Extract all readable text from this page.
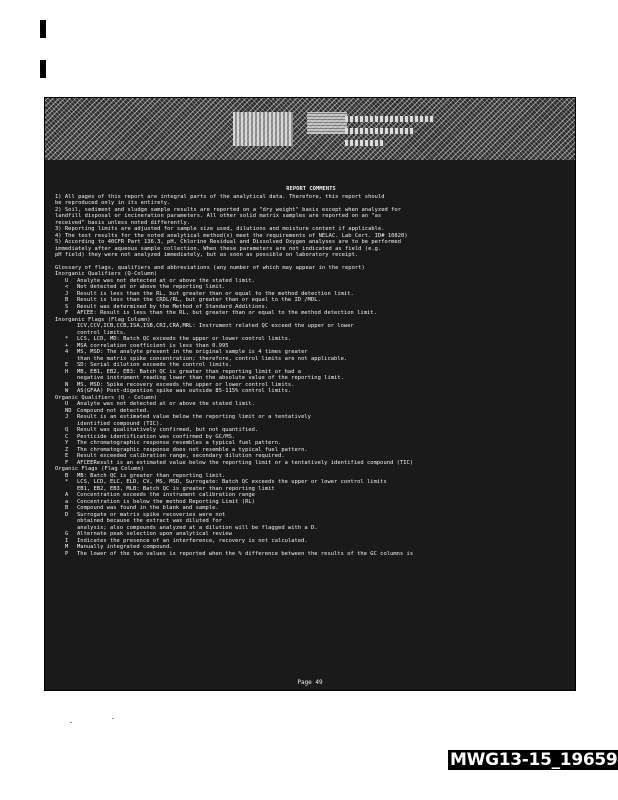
REPORT COMMENTS
1) All pages of this report are integral parts of the analytical data. Therefore, this report should
be reproduced only in its entirety.
2) Soil, sediment and sludge sample results are reported on a "dry weight" basis except when analyzed for
landfill disposal or incineration parameters. All other solid matrix samples are reported on an "as
received" basis unless noted differently.
3) Reporting limits are adjusted for sample size used, dilutions and moisture content if applicable.
4) The test results for the noted analytical method(s) meet the requirements of NELAC. Lab Cert. ID# 10820)
5) According to 40CFR Part 136.3, pH, Chlorine Residual and Dissolved Oxygen analyses are to be performed
immediately after aqueous sample collection. When these parameters are not indicated as field (e.g.
pH field) they were not analyzed immediately, but as soon as possible on laboratory receipt.
Glossary of flags, qualifiers and abbreviations (any number of which may appear in the report)
Inorganic Qualifiers (Q-Column)
U Analyte was not detected at or above the stated limit.
< Not detected at or above the reporting limit.
J Result is less than the RL, but greater than or equal to the method detection limit.
B Result is less than the CRDL/RL, but greater than or equal to the ID /MDL.
S Result was determined by the Method of Standard Additions.
F AFCEE: Result is less than the RL, but greater than or equal to the method detection limit.
Inorganic Flags (Flag Column)
ICV,CCV,ICB,CCB,ISA,ISB,CRI,CRA,MRL: Instrument related QC exceed the upper or lower
control limits.
* LCS, LCD, MD: Batch QC exceeds the upper or lower control limits.
+ MSA correlation coefficient is less than 0.995
4 MS, MSD: The analyte present in the original sample is 4 times greater
than the matrix spike concentration; therefore, control limits are not applicable.
E SD: Serial dilution exceeds the control limits.
H MB, EB1, EB2, EB3: Batch QC is greater than reporting limit or had a
negative instrument reading lower than the absolute value of the reporting limit.
N MS, MSD: Spike recovery exceeds the upper or lower control limits.
W AS(GFAA) Post-digestion spike was outside 85-115% control limits.
Organic Qualifiers (Q - Column)
U Analyte was not detected at or above the stated limit.
ND Compound not detected.
J Result is an estimated value below the reporting limit or a tentatively
identified compound (TIC).
Q Result was qualitatively confirmed, but not quantified.
C Pesticide identification was confirmed by GC/MS.
Y The chromatographic response resembles a typical fuel pattern.
Z The chromatographic response does not resemble a typical fuel pattern.
E Result exceeded calibration range, secondary dilution required.
F AFCEEResult is an estimated value below the reporting limit or a tentatively identified compound (TIC)
Organic Flags (Flag Column)
B MB: Batch QC is greater than reporting limit.
* LCS, LCD, ELC, ELD, CV, MS, MSD, Surrogate: Batch QC exceeds the upper or lower control limits
EB1, EB2, EB3, MLB: Batch QC is greater than reporting limit
A Concentration exceeds the instrument calibration range
a Concentration is below the method Reporting Limit (RL)
B Compound was found in the blank and sample.
D Surrogate or matrix spike recoveries were not
obtained because the extract was diluted for
analysis; also compounds analyzed at a dilution will be flagged with a D.
G Alternate peak selection upon analytical review
I Indicates the presence of an interference, recovery is not calculated.
M Manually integrated compound.
P The lower of the two values is reported when the % difference between the results of the GC columns is
Page 49
MWG13-15_19659
